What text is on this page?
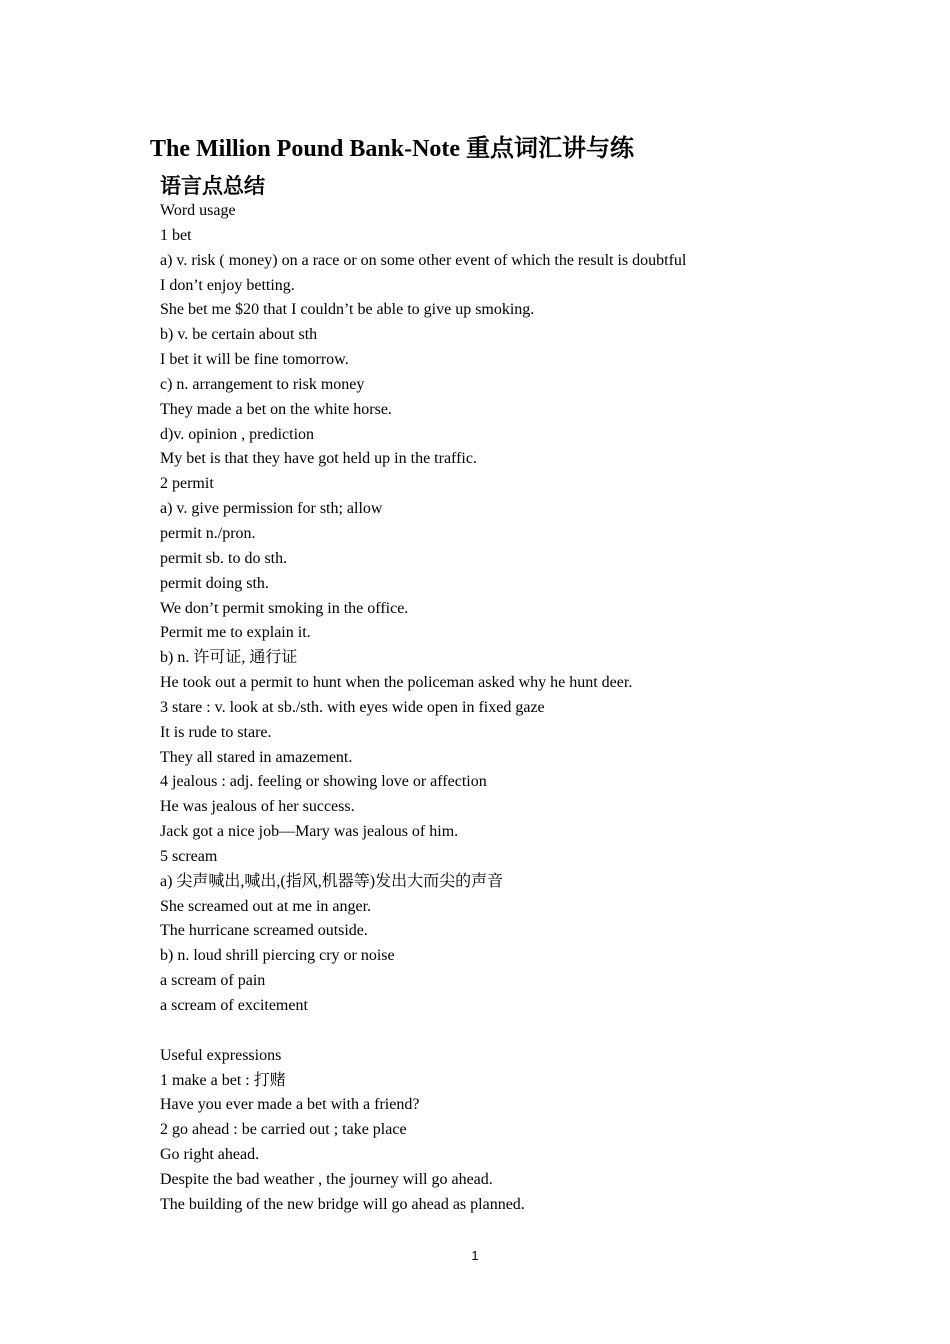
The Million Pound Bank-Note 重点词汇讲与练
语言点总结
Word usage
1 bet
a) v. risk ( money) on a race or on some other event of which the result is doubtful
I don’t enjoy betting.
She bet me $20 that I couldn’t be able to give up smoking.
b) v. be certain about sth
I bet it will be fine tomorrow.
c) n. arrangement to risk money
They made a bet on the white horse.
d)v. opinion , prediction
My bet is that they have got held up in the traffic.
2 permit
a) v. give permission for sth; allow
permit n./pron.
permit sb. to do sth.
permit doing sth.
We don’t permit smoking in the office.
Permit me to explain it.
b) n. 许可证, 通行证
He took out a permit to hunt when the policeman asked why he hunt deer.
3 stare : v. look at sb./sth. with eyes wide open in fixed gaze
It is rude to stare.
They all stared in amazement.
4 jealous : adj. feeling or showing love or affection
He was jealous of her success.
Jack got a nice job—Mary was jealous of him.
5 scream
a) 尖声喊出,喊出,(指风,机器等)发出大而尖的声音
She screamed out at me in anger.
The hurricane screamed outside.
b) n. loud shrill piercing cry or noise
a scream of pain
a scream of excitement
Useful expressions
1 make a bet : 打赌
Have you ever made a bet with a friend?
2 go ahead : be carried out ; take place
Go right ahead.
Despite the bad weather , the journey will go ahead.
The building of the new bridge will go ahead as planned.
1
